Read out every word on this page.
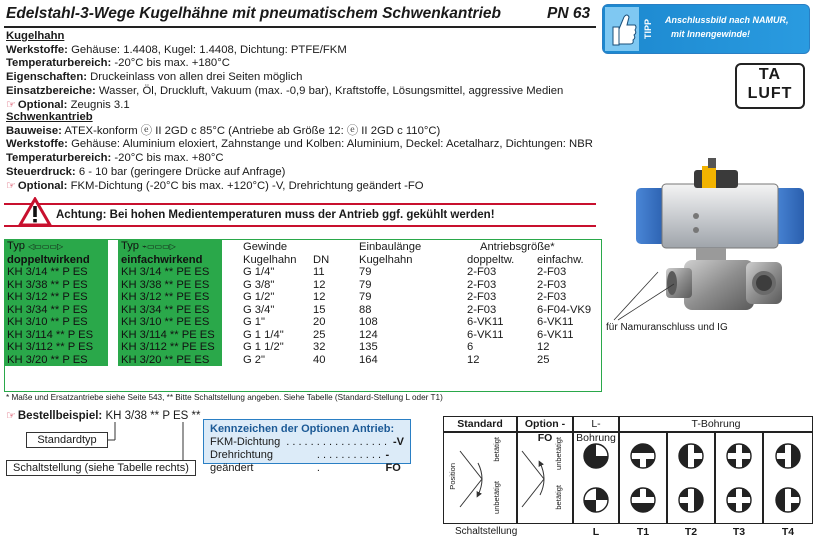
Edelstahl-3-Wege Kugelhähne mit pneumatischem Schwenkantrieb	PN 63
TIPP Anschlussbild nach NAMUR,
mit Innengewinde!
TA
LUFT
für Namuranschluss und IG
Kugelhahn
Werkstoffe: Gehäuse: 1.4408, Kugel: 1.4408, Dichtung: PTFE/FKM
Temperaturbereich: -20°C bis max. +180°C
Eigenschaften: Druckeinlass von allen drei Seiten möglich
Einsatzbereiche: Wasser, Öl, Druckluft, Vakuum (max. -0,9 bar), Kraftstoffe, Lösungsmittel, aggressive Medien
☞ Optional: Zeugnis 3.1
Schwenkantrieb
Bauweise: ATEX-konform ⓔ II 2GD c 85°C (Antriebe ab Größe 12: ⓔ II 2GD c 110°C)
Werkstoffe: Gehäuse: Aluminium eloxiert, Zahnstange und Kolben: Aluminium, Deckel: Acetalharz, Dichtungen: NBR
Temperaturbereich: -20°C bis max. +80°C
Steuerdruck: 6 - 10 bar (geringere Drücke auf Anfrage)
☞ Optional: FKM-Dichtung (-20°C bis max. +120°C) -V, Drehrichtung geändert -FO
Achtung: Bei hohen Medientemperaturen muss der Antrieb ggf. gekühlt werden!
Typ ◁▭▭▭▷		Typ ⌁▭▭▭▷		Gewinde		Einbaulänge	Antriebsgröße*	
doppeltwirkend		einfachwirkend		Kugelhahn	DN	Kugelhahn	doppeltw.	einfachw.
KH 3/14 ** P ES		KH 3/14 ** PE ES		G 1/4"	11	79	2-F03	2-F03
KH 3/38 ** P ES		KH 3/38 ** PE ES		G 3/8"	12	79	2-F03	2-F03
KH 3/12 ** P ES		KH 3/12 ** PE ES		G 1/2"	12	79	2-F03	2-F03
KH 3/34 ** P ES		KH 3/34 ** PE ES		G 3/4"	15	88	2-F03	6-F04-VK9
KH 3/10 ** P ES		KH 3/10 ** PE ES		G 1"	20	108	6-VK11	6-VK11
KH 3/114 ** P ES		KH 3/114 ** PE ES		G 1 1/4"	25	124	6-VK11	6-VK11
KH 3/112 ** P ES		KH 3/112 ** PE ES		G 1 1/2"	32	135	6	12
KH 3/20 ** P ES		KH 3/20 ** PE ES		G 2"	40	164	12	25
* Maße und Ersatzantriebe siehe Seite 543, ** Bitte Schaltstellung angeben. Siehe Tabelle (Standard-Stellung L oder T1)
☞ Bestellbeispiel: KH 3/38 ** P ES **
Standardtyp
Schaltstellung (siehe Tabelle rechts)
Kennzeichen der Optionen Antrieb:
FKM-Dichtung . . . . . . . . . . . . . . . . . -V
Drehrichtung geändert
. . . . . . . . . . . .
-FO
Standard	Option -FO
L-Bohrung
T-Bohrung
Position
betätigt
unbetätigt
unbetätigt
betätigt
Schaltstellung	L	T1	T2	T3	T4
